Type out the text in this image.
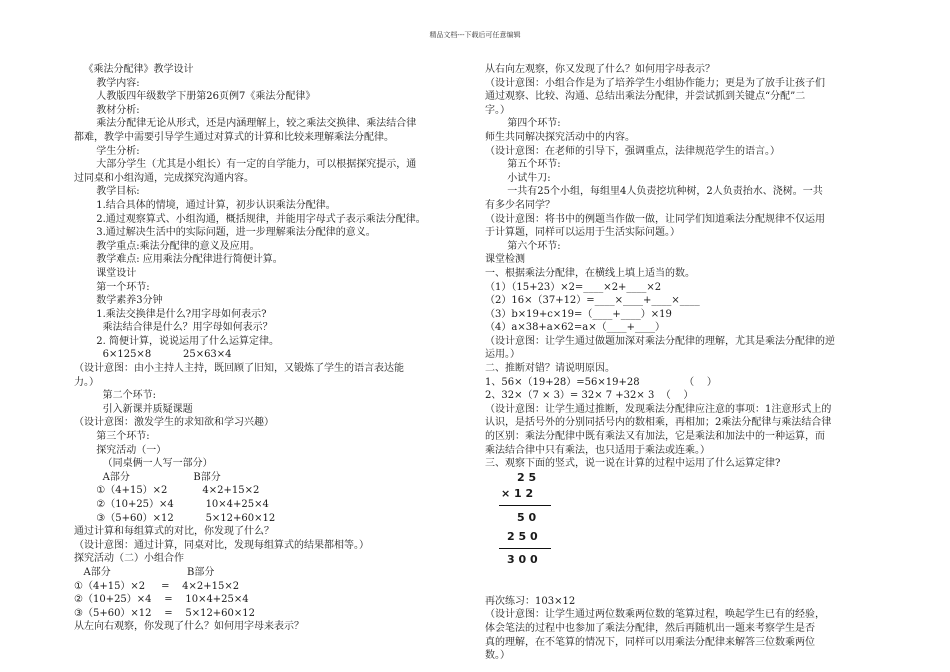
精品文档---下载后可任意编辑
《乘法分配律》教学设计
教学内容:
人教版四年级数学下册第26页例7《乘法分配律》
教材分析:
乘法分配律无论从形式，还是内涵理解上，较之乘法交换律、乘法结合律
都难，教学中需要引导学生通过对算式的计算和比较来理解乘法分配律。
学生分析:
大部分学生（尤其是小组长）有一定的自学能力，可以根据探究提示，通
过同桌和小组沟通，完成探究沟通内容。
教学目标:
1.结合具体的情境，通过计算，初步认识乘法分配律。
2.通过观察算式、小组沟通，概括规律，并能用字母式子表示乘法分配律。
3.通过解决生活中的实际问题，进一步理解乘法分配律的意义。
教学重点:乘法分配律的意义及应用。
教学难点: 应用乘法分配律进行简便计算。
课堂设计
第一个环节:
数学素养3分钟
1.乘法交换律是什么?用字母如何表示?
乘法结合律是什么？用字母如何表示？
2. 简便计算，说说运用了什么运算定律。
6×125×8          25×63×4
（设计意图：由小主持人主持，既回顾了旧知，又锻炼了学生的语言表达能
力。）
第二个环节:
引入新课并质疑课题
（设计意图：激发学生的求知欲和学习兴趣）
第三个环节:
探究活动（一）
（同桌俩一人写一部分）
A部分                    B部分
①（4+15）×2           4×2+15×2
②（10+25）×4          10×4+25×4
③（5+60）×12          5×12+60×12
通过计算和每组算式的对比，你发现了什么？
（设计意图：通过计算，同桌对比，发现每组算式的结果都相等。）
探究活动（二）小组合作
A部分                        B部分
①（4+15）×2     =    4×2+15×2
②（10+25）×4    =    10×4+25×4
③（5+60）×12    =    5×12+60×12
从左向右观察，你发现了什么？如何用字母来表示？
从右向左观察，你又发现了什么？如何用字母表示？
（设计意图：小组合作是为了培养学生小组协作能力；更是为了放手让孩子们
通过观察、比较、沟通、总结出乘法分配律，并尝试抓到关键点“分配”二
字。）
第四个环节:
师生共同解决探究活动中的内容。
（设计意图：在老师的引导下，强调重点，法律规范学生的语言。）
第五个环节:
小试牛刀:
一共有25个小组，每组里4人负责挖坑种树，2人负责抬水、浇树。一共
有多少名同学？
（设计意图：将书中的例题当作做一做，让同学们知道乘法分配规律不仅运用
于计算题，同样可以运用于生活实际问题。）
第六个环节:
课堂检测
一、根据乘法分配律，在横线上填上适当的数。
（1）（15+23）×2=____×2+____×2
（2）16×（37+12）=____×____+____×____
（3）b×19+c×19=（____+____）×19
（4）a×38+a×62=a×（____+____）
（设计意图：让学生通过做题加深对乘法分配律的理解，尤其是乘法分配律的逆
运用。）
二、推断对错？请说明原因。
1、56×（19+28）=56×19+28              （    ）
2、32×（7 × 3）= 32× 7 +32× 3  （    ）
（设计意图：让学生通过推断，发现乘法分配律应注意的事项：1注意形式上的
认识，是括号外的分别同括号内的数相乘，再相加；2乘法分配律与乘法结合律
的区别：乘法分配律中既有乘法又有加法，它是乘法和加法中的一种运算，而
乘法结合律中只有乘法，也只适用于乘法或连乘。）
三、观察下面的竖式，说一说在计算的过程中运用了什么运算定律?
2 5
× 1 2
5 0
2 5 0
3 0 0
再次练习：103×12
（设计意图：让学生通过两位数乘两位数的笔算过程，唤起学生已有的经验，
体会笔法的过程中也参加了乘法分配律，然后再随机出一题来考察学生是否
真的理解，在不笔算的情况下，同样可以用乘法分配律来解答三位数乘两位
数。）
